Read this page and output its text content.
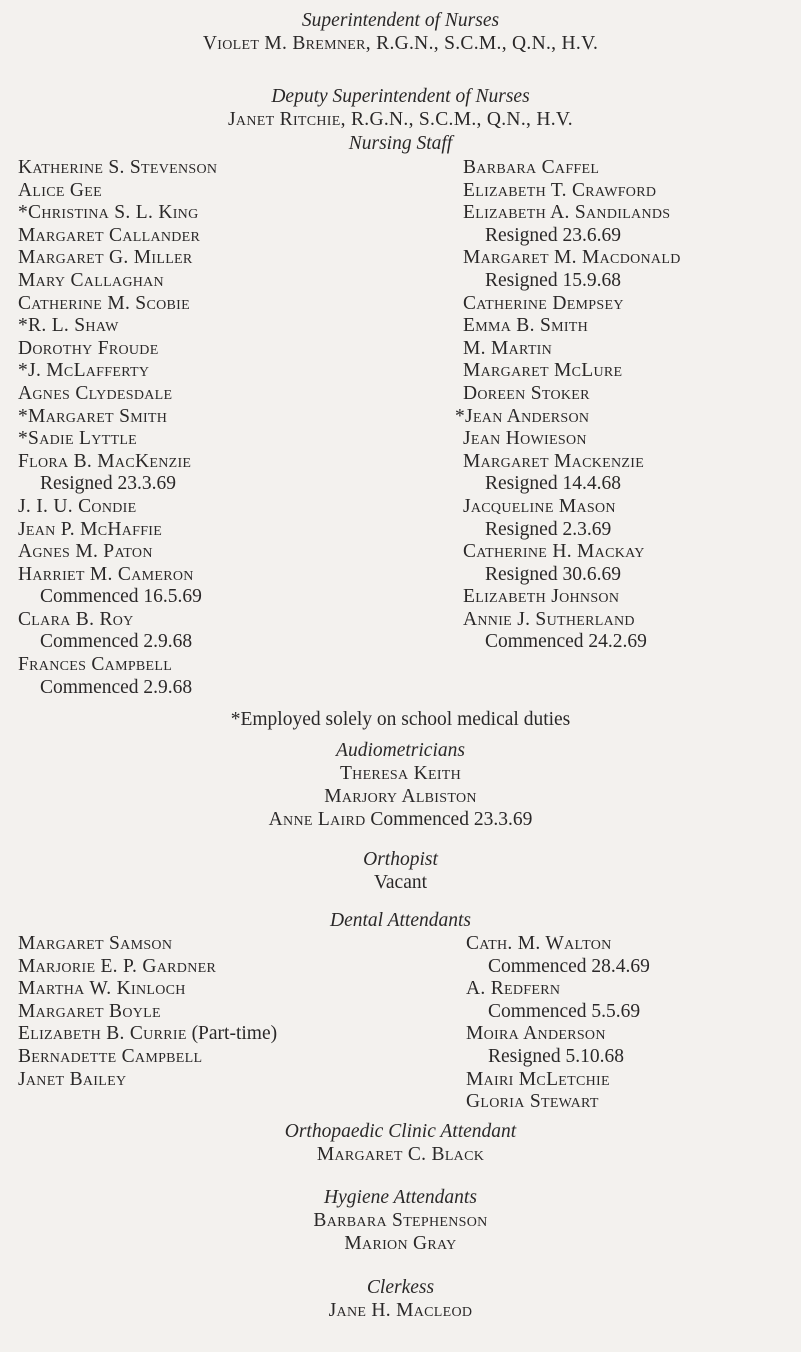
Superintendent of Nurses
Violet M. Bremner, R.G.N., S.C.M., Q.N., H.V.
Deputy Superintendent of Nurses
Janet Ritchie, R.G.N., S.C.M., Q.N., H.V.
Nursing Staff
Katherine S. Stevenson
Alice Gee
*Christina S. L. King
Margaret Callander
Margaret G. Miller
Mary Callaghan
Catherine M. Scobie
*R. L. Shaw
Dorothy Froude
*J. McLafferty
Agnes Clydesdale
*Margaret Smith
*Sadie Lyttle
Flora B. MacKenzie
Resigned 23.3.69
J. I. U. Condie
Jean P. McHaffie
Agnes M. Paton
Harriet M. Cameron
Commenced 16.5.69
Clara B. Roy
Commenced 2.9.68
Frances Campbell
Commenced 2.9.68
Barbara Caffel
Elizabeth T. Crawford
Elizabeth A. Sandilands
Resigned 23.6.69
Margaret M. Macdonald
Resigned 15.9.68
Catherine Dempsey
Emma B. Smith
M. Martin
Margaret McLure
Doreen Stoker
*Jean Anderson
Jean Howieson
Margaret Mackenzie
Resigned 14.4.68
Jacqueline Mason
Resigned 2.3.69
Catherine H. Mackay
Resigned 30.6.69
Elizabeth Johnson
Annie J. Sutherland
Commenced 24.2.69
*Employed solely on school medical duties
Audiometricians
Theresa Keith
Marjory Albiston
Anne Laird Commenced 23.3.69
Orthopist
Vacant
Dental Attendants
Margaret Samson
Marjorie E. P. Gardner
Martha W. Kinloch
Margaret Boyle
Elizabeth B. Currie (Part-time)
Bernadette Campbell
Janet Bailey
Cath. M. Walton
Commenced 28.4.69
A. Redfern
Commenced 5.5.69
Moira Anderson
Resigned 5.10.68
Mairi McLetchie
Gloria Stewart
Orthopaedic Clinic Attendant
Margaret C. Black
Hygiene Attendants
Barbara Stephenson
Marion Gray
Clerkess
Jane H. Macleod
